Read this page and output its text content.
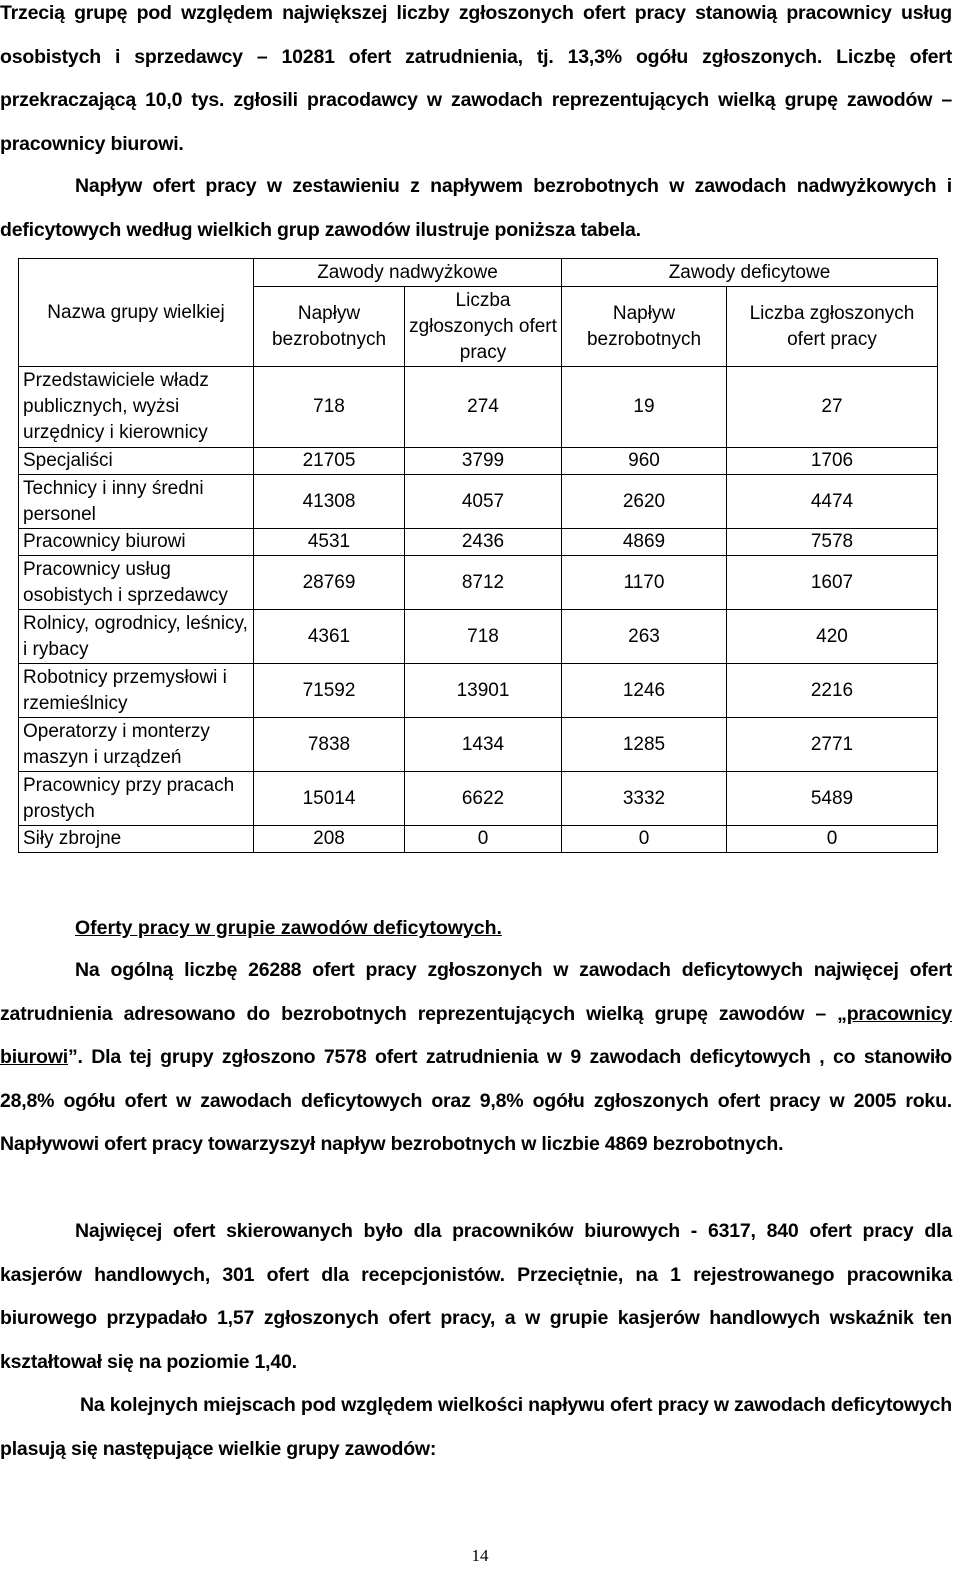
Trzecią grupę pod względem największej liczby zgłoszonych ofert pracy stanowią pracownicy usług osobistych i sprzedawcy – 10281 ofert zatrudnienia, tj. 13,3% ogółu zgłoszonych. Liczbę ofert przekraczającą 10,0 tys. zgłosili pracodawcy w zawodach reprezentujących wielką grupę zawodów – pracownicy biurowi.
Napływ ofert pracy w zestawieniu z napływem bezrobotnych w zawodach nadwyżkowych i deficytowych według wielkich grup zawodów ilustruje poniższa tabela.
Nazwa grupy wielkiej	Zawody nadwyżkowe		Zawody deficytowe	
	Napływ bezrobotnych	Liczba zgłoszonych ofert pracy	Napływ bezrobotnych	Liczba zgłoszonych ofert pracy
Przedstawiciele władz publicznych, wyżsi urzędnicy i kierownicy	718	274	19	27
Specjaliści	21705	3799	960	1706
Technicy i inny średni personel	41308	4057	2620	4474
Pracownicy biurowi	4531	2436	4869	7578
Pracownicy usług osobistych i sprzedawcy	28769	8712	1170	1607
Rolnicy, ogrodnicy, leśnicy, i rybacy	4361	718	263	420
Robotnicy przemysłowi i rzemieślnicy	71592	13901	1246	2216
Operatorzy i monterzy maszyn i urządzeń	7838	1434	1285	2771
Pracownicy przy pracach prostych	15014	6622	3332	5489
Siły zbrojne	208	0	0	0
Oferty pracy w grupie zawodów deficytowych.
Na ogólną liczbę 26288 ofert pracy zgłoszonych w zawodach deficytowych najwięcej ofert zatrudnienia adresowano do bezrobotnych reprezentujących wielką grupę zawodów – „pracownicy biurowi”. Dla tej grupy zgłoszono 7578 ofert zatrudnienia w 9 zawodach deficytowych , co stanowiło 28,8% ogółu ofert w zawodach deficytowych oraz 9,8% ogółu zgłoszonych ofert pracy w 2005 roku. Napływowi ofert pracy towarzyszył napływ bezrobotnych w liczbie 4869 bezrobotnych.
Najwięcej ofert skierowanych było dla pracowników biurowych - 6317, 840 ofert pracy dla kasjerów handlowych, 301 ofert dla recepcjonistów. Przeciętnie, na 1 rejestrowanego pracownika biurowego przypadało 1,57 zgłoszonych ofert pracy, a w grupie kasjerów handlowych wskaźnik ten kształtował się na poziomie 1,40.
Na kolejnych miejscach pod względem wielkości napływu ofert pracy w zawodach deficytowych plasują się następujące wielkie grupy zawodów:
14
